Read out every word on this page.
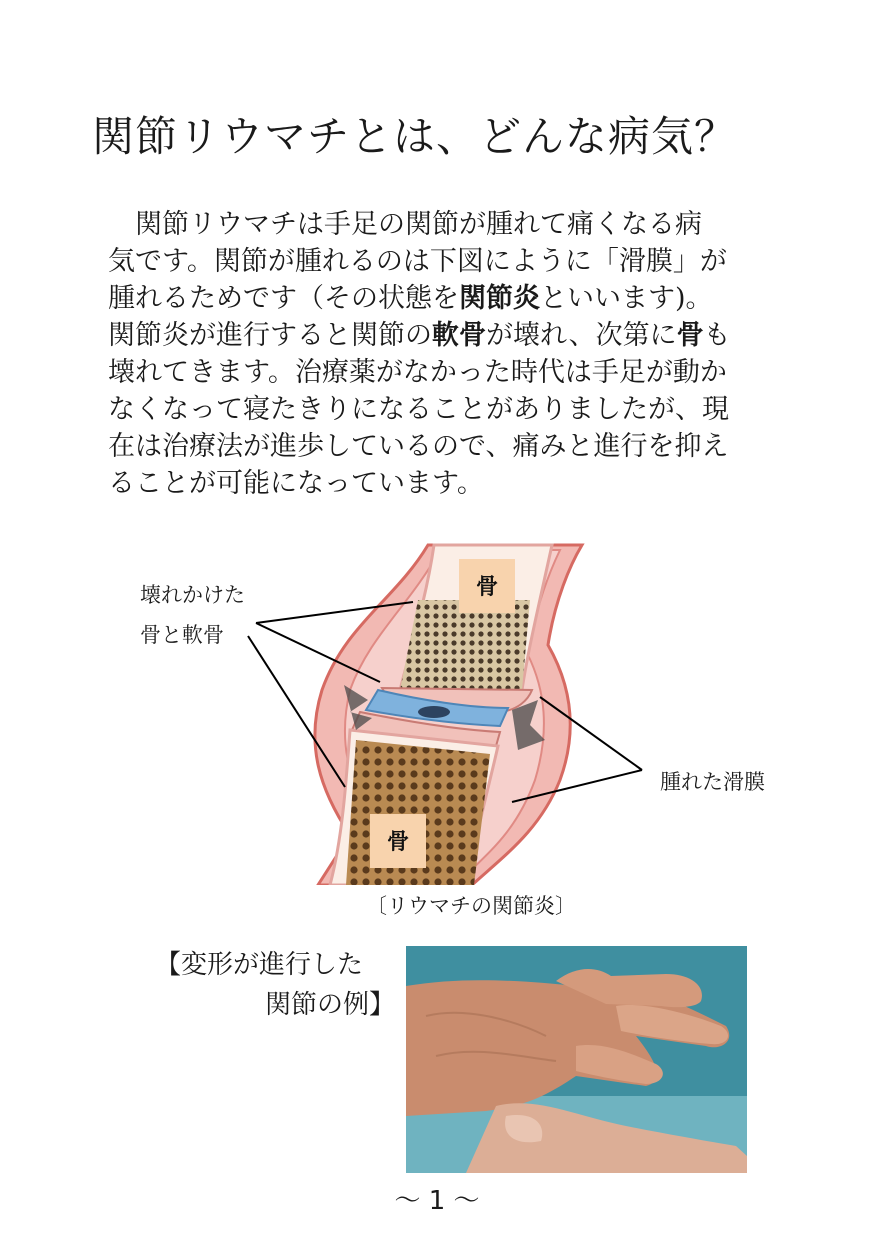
関節リウマチとは、どんな病気？
関節リウマチは手足の関節が腫れて痛くなる病
気です。関節が腫れるのは下図にように「滑膜」が
腫れるためです（その状態を関節炎といいます)。
関節炎が進行すると関節の軟骨が壊れ、次第に骨も
壊れてきます。治療薬がなかった時代は手足が動か
なくなって寝たきりになることがありましたが、現
在は治療法が進歩しているので、痛みと進行を抑え
ることが可能になっています。
骨
骨
壊れかけた
骨と軟骨
腫れた滑膜
〔リウマチの関節炎〕
【変形が進行した
関節の例】
～ 1 ～
